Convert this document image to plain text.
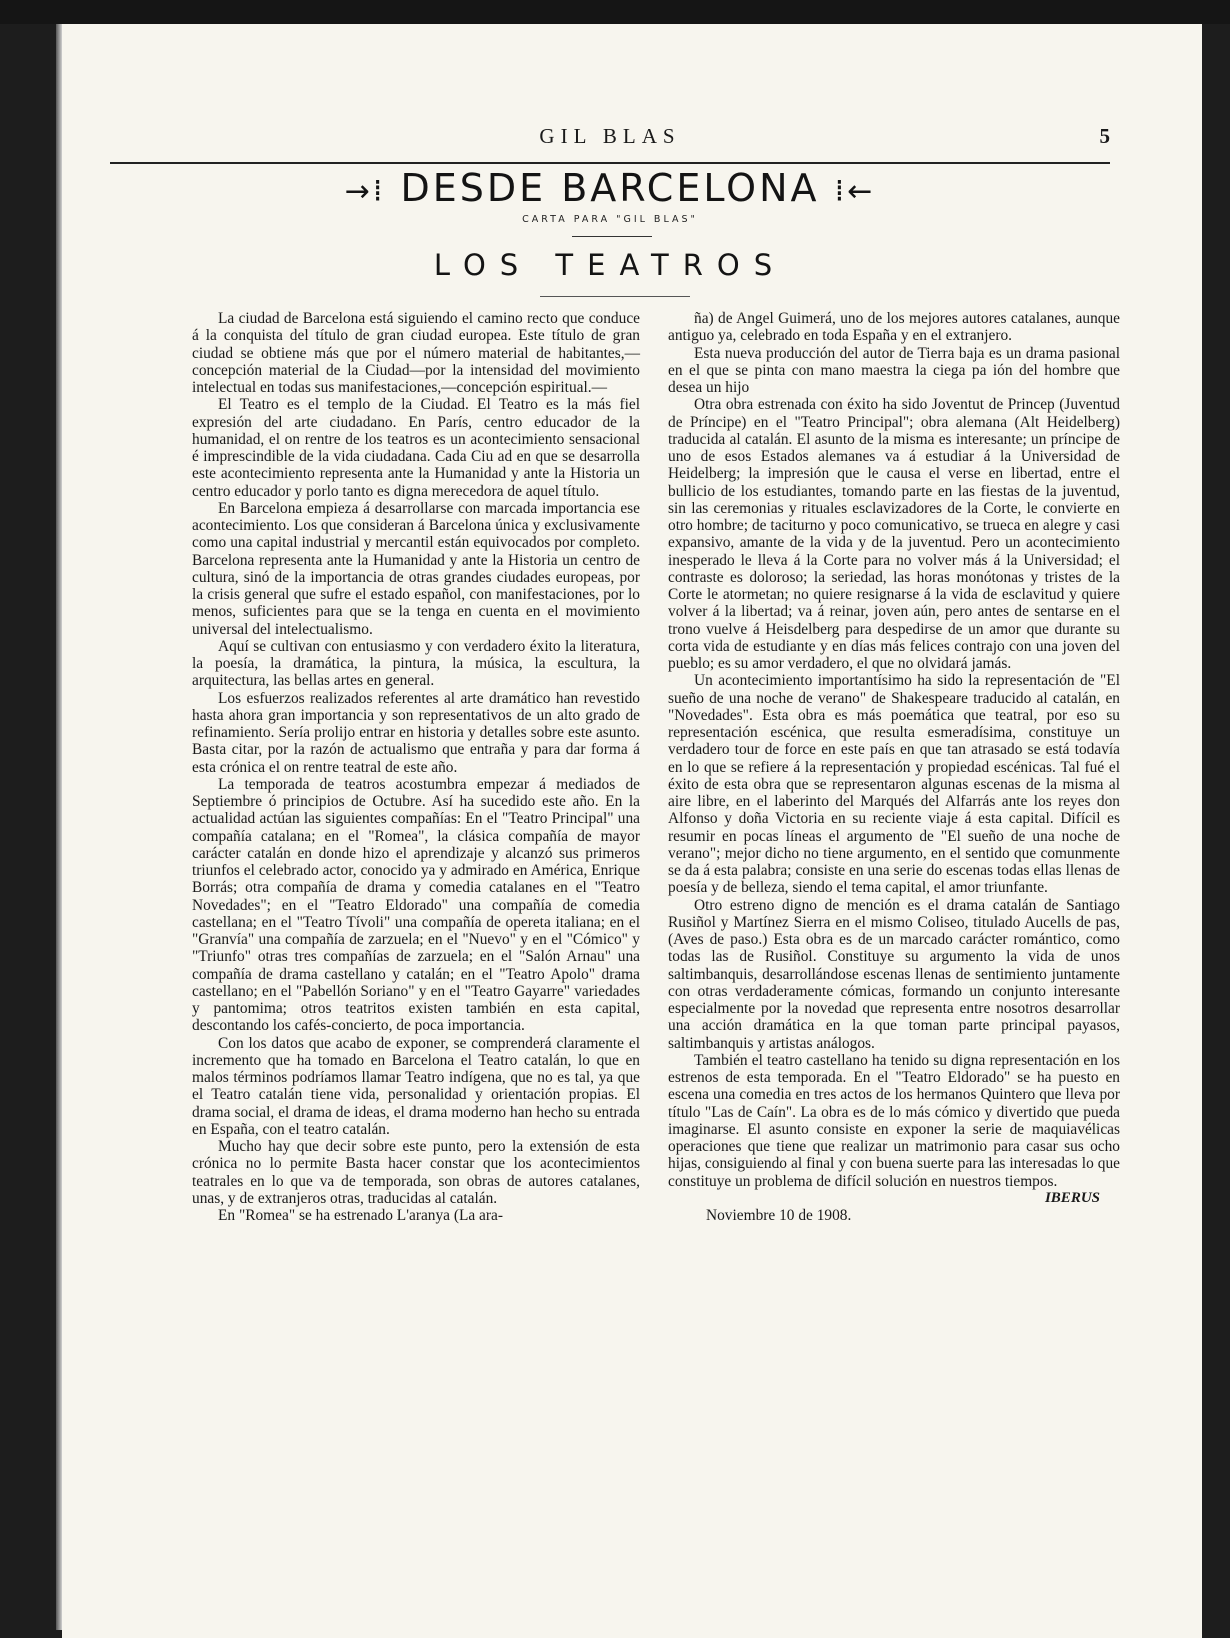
GIL BLAS	5
→⁞ DESDE BARCELONA ⁞←
CARTA PARA "GIL BLAS"
LOS TEATROS

La ciudad de Barcelona está siguiendo el camino recto que conduce á la conquista del título de gran ciudad europea. Este título de gran ciudad se obtiene más que por el número material de habitantes,—concepción material de la Ciudad—por la intensidad del movimiento intelectual en todas sus manifestaciones,—concepción espiritual.—

El Teatro es el templo de la Ciudad. El Teatro es la más fiel expresión del arte ciudadano. En París, centro educador de la humanidad, el on rentre de los teatros es un acontecimiento sensacional é imprescindible de la vida ciudadana. Cada Ciu ad en que se desarrolla este acontecimiento representa ante la Humanidad y ante la Historia un centro educador y porlo tanto es digna merecedora de aquel título.

En Barcelona empieza á desarrollarse con marcada importancia ese acontecimiento. Los que consideran á Barcelona única y exclusivamente como una capital industrial y mercantil están equivocados por completo. Barcelona representa ante la Humanidad y ante la Historia un centro de cultura, sinó de la importancia de otras grandes ciudades europeas, por la crisis general que sufre el estado español, con manifestaciones, por lo menos, suficientes para que se la tenga en cuenta en el movimiento universal del intelectualismo.

Aquí se cultivan con entusiasmo y con verdadero éxito la literatura, la poesía, la dramática, la pintura, la música, la escultura, la arquitectura, las bellas artes en general.

Los esfuerzos realizados referentes al arte dramático han revestido hasta ahora gran importancia y son representativos de un alto grado de refinamiento. Sería prolijo entrar en historia y detalles sobre este asunto. Basta citar, por la razón de actualismo que entraña y para dar forma á esta crónica el on rentre teatral de este año.

La temporada de teatros acostumbra empezar á mediados de Septiembre ó principios de Octubre. Así ha sucedido este año. En la actualidad actúan las siguientes compañías: En el "Teatro Principal" una compañía catalana; en el "Romea", la clásica compañía de mayor carácter catalán en donde hizo el aprendizaje y alcanzó sus primeros triunfos el celebrado actor, conocido ya y admirado en América, Enrique Borrás; otra compañía de drama y comedia catalanes en el "Teatro Novedades"; en el "Teatro Eldorado" una compañía de comedia castellana; en el "Teatro Tívoli" una compañía de opereta italiana; en el "Granvía" una compañía de zarzuela; en el "Nuevo" y en el "Cómico" y "Triunfo" otras tres compañías de zarzuela; en el "Salón Arnau" una compañía de drama castellano y catalán; en el "Teatro Apolo" drama castellano; en el "Pabellón Soriano" y en el "Teatro Gayarre" variedades y pantomima; otros teatritos existen también en esta capital, descontando los cafés-concierto, de poca importancia.

Con los datos que acabo de exponer, se comprenderá claramente el incremento que ha tomado en Barcelona el Teatro catalán, lo que en malos términos podríamos llamar Teatro indígena, que no es tal, ya que el Teatro catalán tiene vida, personalidad y orientación propias. El drama social, el drama de ideas, el drama moderno han hecho su entrada en España, con el teatro catalán.

Mucho hay que decir sobre este punto, pero la extensión de esta crónica no lo permite Basta hacer constar que los acontecimientos teatrales en lo que va de temporada, son obras de autores catalanes, unas, y de extranjeros otras, traducidas al catalán.

En "Romea" se ha estrenado L'aranya (La ara-

ña) de Angel Guimerá, uno de los mejores autores catalanes, aunque antiguo ya, celebrado en toda España y en el extranjero.

Esta nueva producción del autor de Tierra baja es un drama pasional en el que se pinta con mano maestra la ciega pa ión del hombre que desea un hijo

Otra obra estrenada con éxito ha sido Joventut de Princep (Juventud de Príncipe) en el "Teatro Principal"; obra alemana (Alt Heidelberg) traducida al catalán. El asunto de la misma es interesante; un príncipe de uno de esos Estados alemanes va á estudiar á la Universidad de Heidelberg; la impresión que le causa el verse en libertad, entre el bullicio de los estudiantes, tomando parte en las fiestas de la juventud, sin las ceremonias y rituales esclavizadores de la Corte, le convierte en otro hombre; de taciturno y poco comunicativo, se trueca en alegre y casi expansivo, amante de la vida y de la juventud. Pero un acontecimiento inesperado le lleva á la Corte para no volver más á la Universidad; el contraste es doloroso; la seriedad, las horas monótonas y tristes de la Corte le atormetan; no quiere resignarse á la vida de esclavitud y quiere volver á la libertad; va á reinar, joven aún, pero antes de sentarse en el trono vuelve á Heisdelberg para despedirse de un amor que durante su corta vida de estudiante y en días más felices contrajo con una joven del pueblo; es su amor verdadero, el que no olvidará jamás.

Un acontecimiento importantísimo ha sido la representación de "El sueño de una noche de verano" de Shakespeare traducido al catalán, en "Novedades". Esta obra es más poemática que teatral, por eso su representación escénica, que resulta esmeradísima, constituye un verdadero tour de force en este país en que tan atrasado se está todavía en lo que se refiere á la representación y propiedad escénicas. Tal fué el éxito de esta obra que se representaron algunas escenas de la misma al aire libre, en el laberinto del Marqués del Alfarrás ante los reyes don Alfonso y doña Victoria en su reciente viaje á esta capital. Difícil es resumir en pocas líneas el argumento de "El sueño de una noche de verano"; mejor dicho no tiene argumento, en el sentido que comunmente se da á esta palabra; consiste en una serie do escenas todas ellas llenas de poesía y de belleza, siendo el tema capital, el amor triunfante.

Otro estreno digno de mención es el drama catalán de Santiago Rusiñol y Martínez Sierra en el mismo Coliseo, titulado Aucells de pas, (Aves de paso.) Esta obra es de un marcado carácter romántico, como todas las de Rusiñol. Constituye su argumento la vida de unos saltimbanquis, desarrollándose escenas llenas de sentimiento juntamente con otras verdaderamente cómicas, formando un conjunto interesante especialmente por la novedad que representa entre nosotros desarrollar una acción dramática en la que toman parte principal payasos, saltimbanquis y artistas análogos.

También el teatro castellano ha tenido su digna representación en los estrenos de esta temporada. En el "Teatro Eldorado" se ha puesto en escena una comedia en tres actos de los hermanos Quintero que lleva por título "Las de Caín". La obra es de lo más cómico y divertido que pueda imaginarse. El asunto consiste en exponer la serie de maquiavélicas operaciones que tiene que realizar un matrimonio para casar sus ocho hijas, consiguiendo al final y con buena suerte para las interesadas lo que constituye un problema de difícil solución en nuestros tiempos.

IBERUS

Noviembre 10 de 1908.
